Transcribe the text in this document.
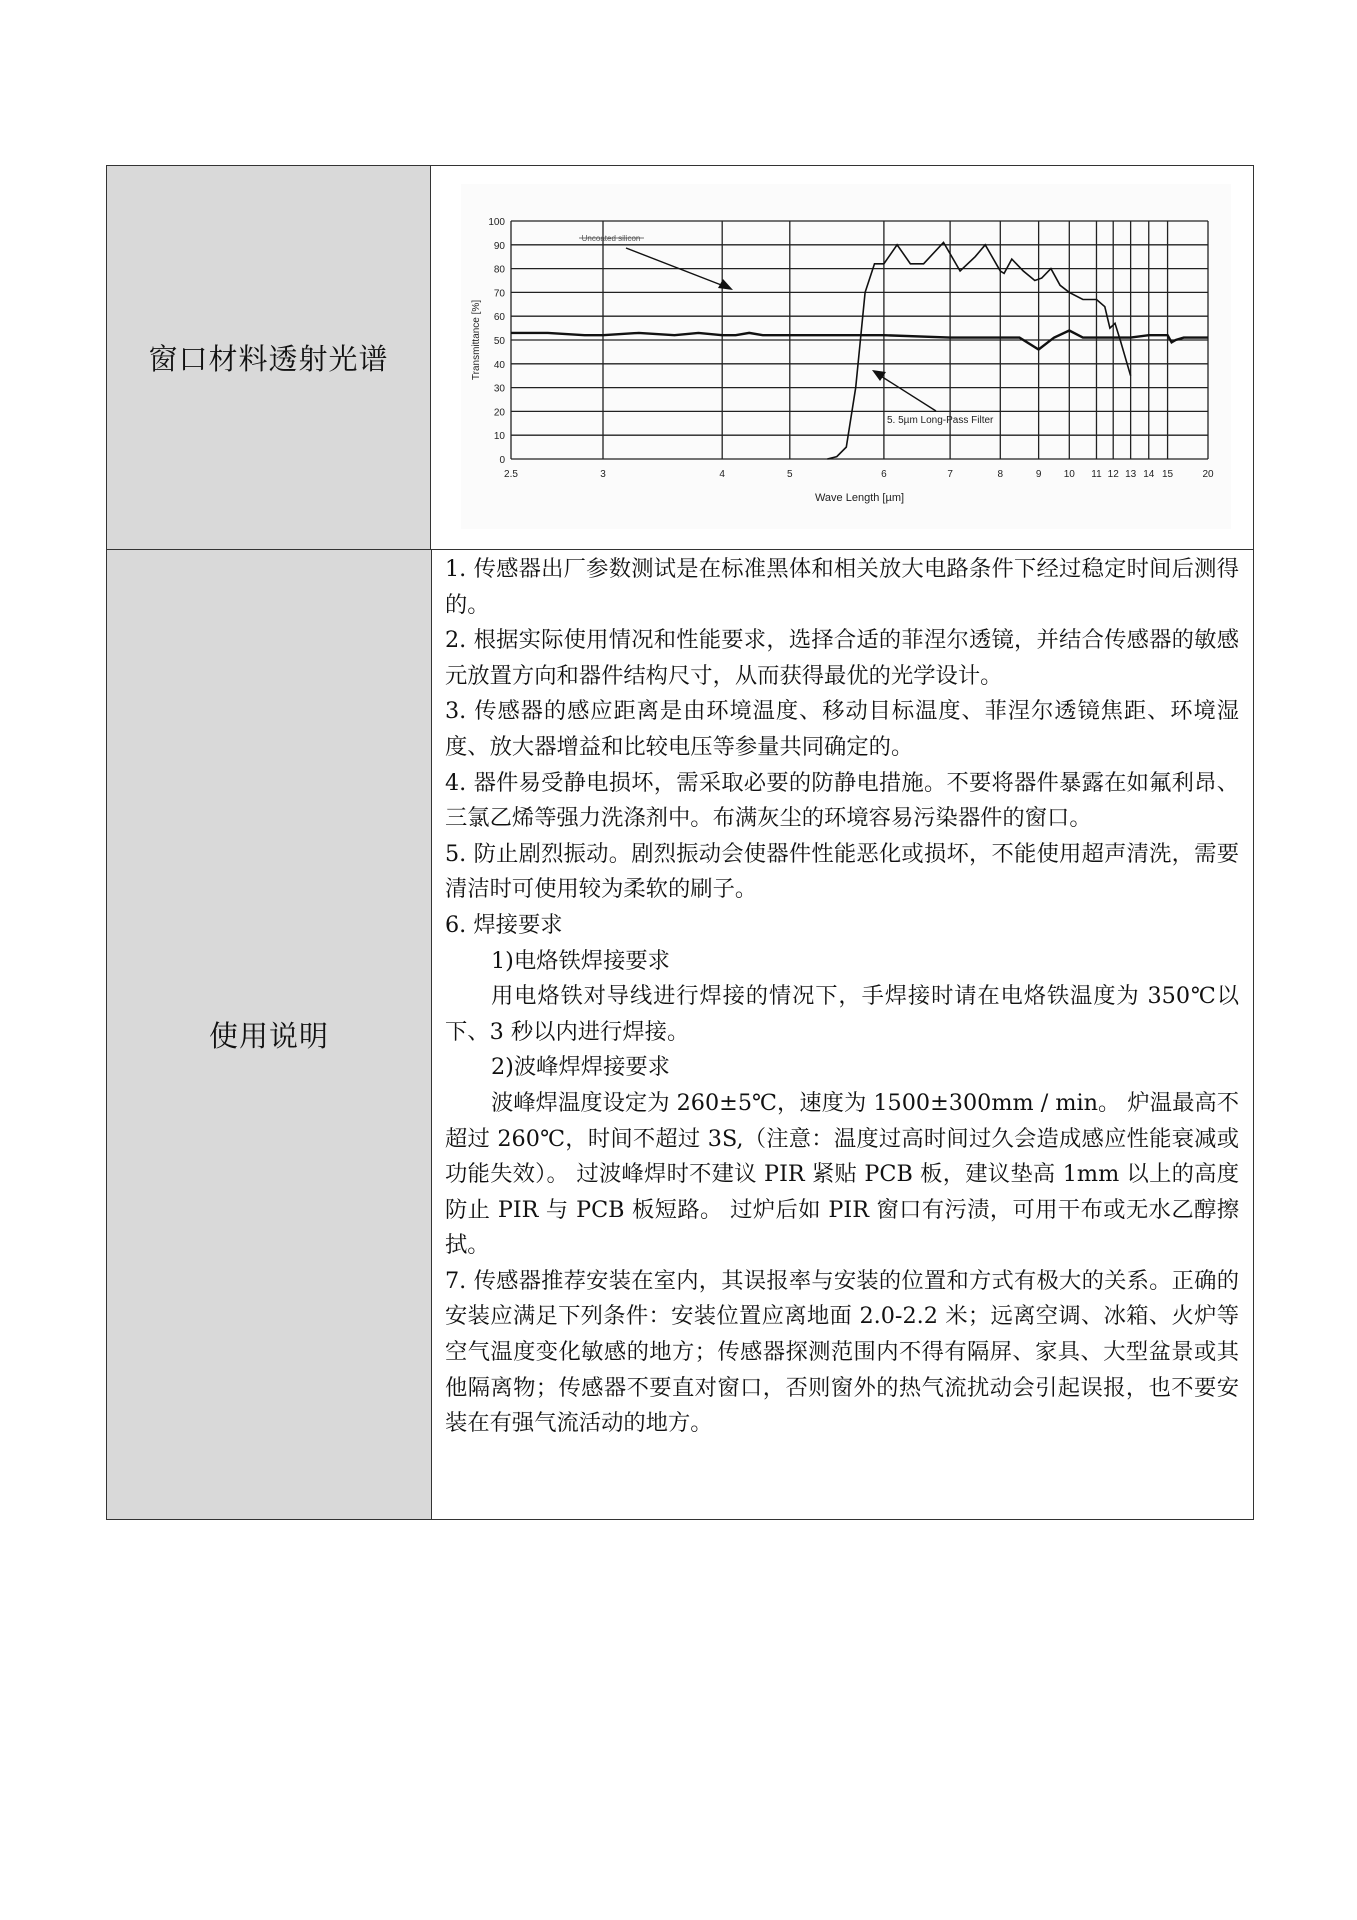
窗口材料透射光谱
0
10
20
30
40
50
60
70
80
90
100
2.5	3	4	5	6	7	8	9 10 11 12 13 14 15	20
Wave Length [µm]
Transmittance [%]
Uncoated silicon
5. 5µm Long-Pass Filter
使用说明

1. 传感器出厂参数测试是在标准黑体和相关放大电路条件下经过稳定时间后测得的。

2. 根据实际使用情况和性能要求，选择合适的菲涅尔透镜，并结合传感器的敏感元放置方向和器件结构尺寸，从而获得最优的光学设计。

3. 传感器的感应距离是由环境温度、移动目标温度、菲涅尔透镜焦距、环境湿度、放大器增益和比较电压等参量共同确定的。

4. 器件易受静电损坏，需采取必要的防静电措施。不要将器件暴露在如氟利昂、三氯乙烯等强力洗涤剂中。布满灰尘的环境容易污染器件的窗口。

5. 防止剧烈振动。剧烈振动会使器件性能恶化或损坏，不能使用超声清洗，需要清洁时可使用较为柔软的刷子。

6. 焊接要求

1)电烙铁焊接要求

用电烙铁对导线进行焊接的情况下，手焊接时请在电烙铁温度为 350℃以下、3 秒以内进行焊接。

2)波峰焊焊接要求

波峰焊温度设定为 260±5℃，速度为 1500±300mm / min。 炉温最高不超过 260℃，时间不超过 3S,（注意：温度过高时间过久会造成感应性能衰减或功能失效）。 过波峰焊时不建议 PIR 紧贴 PCB 板，建议垫高 1mm 以上的高度防止 PIR 与 PCB 板短路。 过炉后如 PIR 窗口有污渍，可用干布或无水乙醇擦拭。

7. 传感器推荐安装在室内，其误报率与安装的位置和方式有极大的关系。正确的安装应满足下列条件：安装位置应离地面 2.0-2.2 米；远离空调、冰箱、火炉等空气温度变化敏感的地方；传感器探测范围内不得有隔屏、家具、大型盆景或其他隔离物；传感器不要直对窗口，否则窗外的热气流扰动会引起误报，也不要安装在有强气流活动的地方。
